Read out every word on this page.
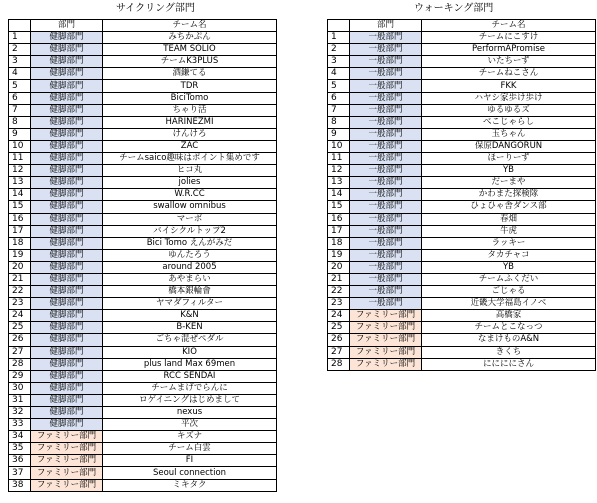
サイクリング部門	ウォーキング部門
	部門	チーム名
1	健脚部門	みちかぷん
2	健脚部門	TEAM SOLIO
3	健脚部門	チームK3PLUS
4	健脚部門	酒鎌てる
5	健脚部門	TDR
6	健脚部門	BiciTomo
7	健脚部門	ちゃり活
8	健脚部門	HARINEZMI
9	健脚部門	けんけろ
10	健脚部門	ZAC
11	健脚部門	チームsaico趣味はポイント集めです
12	健脚部門	ヒコ丸
13	健脚部門	jolies
14	健脚部門	W.R.CC
15	健脚部門	swallow omnibus
16	健脚部門	マーボ
17	健脚部門	バイシクルトップ2
18	健脚部門	Bici Tomo えんがみだ
19	健脚部門	ゆんたろう
20	健脚部門	around 2005
21	健脚部門	あやまらい
22	健脚部門	橋本銀輪會
23	健脚部門	ヤマダフィルター
24	健脚部門	K&N
25	健脚部門	B-KEN
26	健脚部門	ごちゃ混ぜペダル
27	健脚部門	KIO
28	健脚部門	plus land Max 69men
29	健脚部門	RCC SENDAI
30	健脚部門	チームまげでらんに
31	健脚部門	ロゲイニングはじめまして
32	健脚部門	nexus
33	健脚部門	平次
34	ファミリー部門	キズナ
35	ファミリー部門	チーム白雲
36	ファミリー部門	FI
37	ファミリー部門	Seoul connection
38	ファミリー部門	ミキタク
	部門	チーム名
1	一般部門	チームにこすけ
2	一般部門	PerformAPromise
3	一般部門	いたちーず
4	一般部門	チームねこさん
5	一般部門	FKK
6	一般部門	ハヤシ家歩け歩け
7	一般部門	ゆるゆるズ
8	一般部門	べこじゃらし
9	一般部門	玉ちゃん
10	一般部門	保原DANGORUN
11	一般部門	ほーりーず
12	一般部門	YB
13	一般部門	だーまや
14	一般部門	かわまた探検隊
15	一般部門	ひょひゃ舎ダンス部
16	一般部門	春畑
17	一般部門	牛虎
18	一般部門	ラッキー
19	一般部門	タカチャコ
20	一般部門	YB
21	一般部門	チームふくだい
22	一般部門	ごじゃる
23	一般部門	近畿大学福島イノベ
24	ファミリー部門	高橋家
25	ファミリー部門	チームとこなっつ
26	ファミリー部門	なまけものA&N
27	ファミリー部門	きくち
28	ファミリー部門	ににににさん
